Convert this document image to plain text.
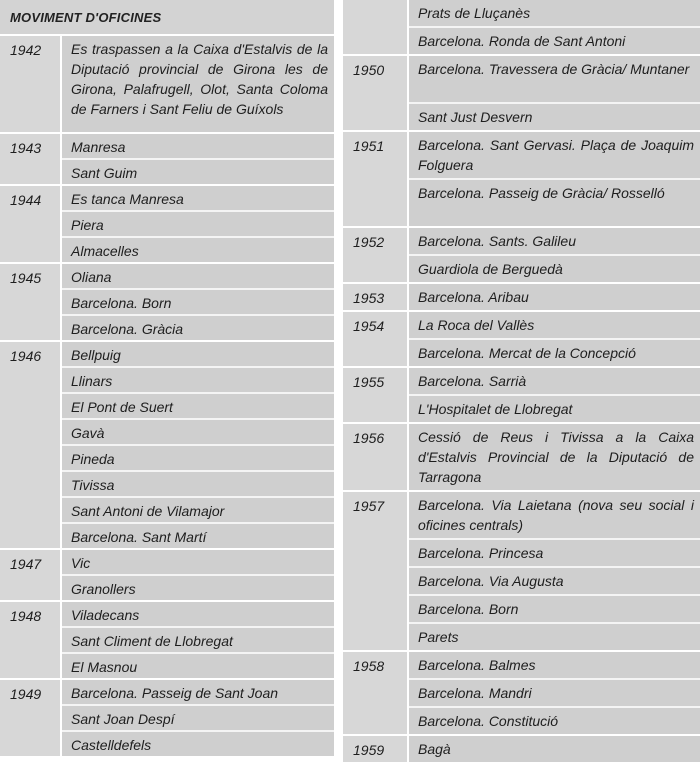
MOVIMENT D'OFICINES
1942	Es traspassen a la Caixa d'Estalvis de la Diputació provincial de Girona les de Girona, Palafrugell, Olot, Santa Coloma de Farners i Sant Feliu de Guíxols
1943	Manresa
Sant Guim
1944	Es tanca Manresa
Piera
Almacelles
1945	Oliana
Barcelona. Born
Barcelona. Gràcia
1946	Bellpuig
Llinars
El Pont de Suert
Gavà
Pineda
Tivissa
Sant Antoni de Vilamajor
Barcelona. Sant Martí
1947	Vic
Granollers
1948	Viladecans
Sant Climent de Llobregat
El Masnou
1949	Barcelona. Passeig de Sant Joan
Sant Joan Despí
Castelldefels
Prats de Lluçanès
Barcelona. Ronda de Sant Antoni
1950	Barcelona. Travessera de Gràcia/ Muntaner
Sant Just Desvern
1951	Barcelona. Sant Gervasi. Plaça de Joaquim Folguera
Barcelona. Passeig de Gràcia/ Rosselló
1952	Barcelona. Sants. Galileu
Guardiola de Berguedà
1953	Barcelona. Aribau
1954	La Roca del Vallès
Barcelona. Mercat de la Concepció
1955	Barcelona. Sarrià
L'Hospitalet de Llobregat
1956	Cessió de Reus i Tivissa a la Caixa d'Estalvis Provincial de la Diputació de Tarragona
1957	Barcelona. Via Laietana (nova seu social i oficines centrals)
Barcelona. Princesa
Barcelona. Via Augusta
Barcelona. Born
Parets
1958	Barcelona. Balmes
Barcelona. Mandri
Barcelona. Constitució
1959	Bagà
